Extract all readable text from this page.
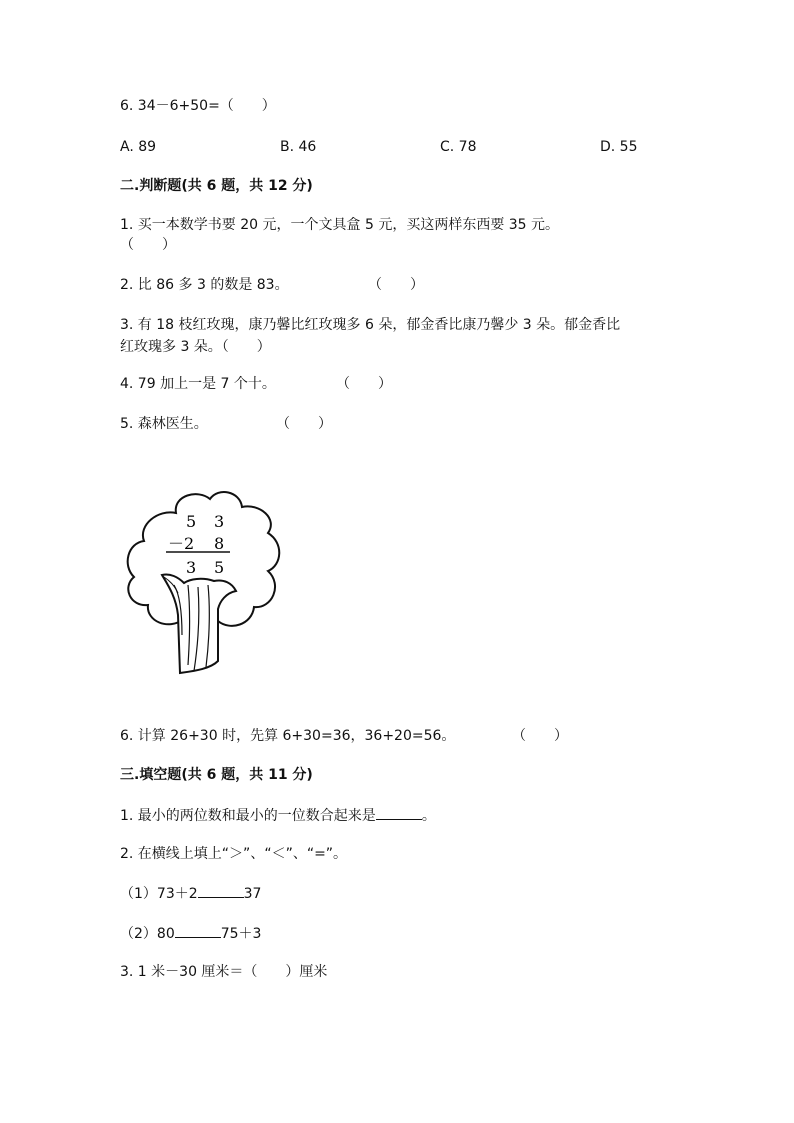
6. 34－6+50=（　　）
A. 89	B. 46	C. 78	D. 55
二.判断题(共 6 题，共 12 分)
1. 买一本数学书要 20 元，一个文具盒 5 元，买这两样东西要 35 元。
（　　）
2. 比 86 多 3 的数是 83。	（　　）
3. 有 18 枝红玫瑰，康乃馨比红玫瑰多 6 朵，郁金香比康乃馨少 3 朵。郁金香比
红玫瑰多 3 朵。（　　）
4. 79 加上一是 7 个十。	（　　）
5. 森林医生。	（　　）
5 3
－2 8
3 5
6. 计算 26+30 时，先算 6+30=36，36+20=56。	（　　）
三.填空题(共 6 题，共 11 分)
1. 最小的两位数和最小的一位数合起来是	。
2. 在横线上填上“＞”、“＜”、“=”。
（1）73＋2	37
（2）80	75＋3
3. 1 米－30 厘米＝（　　）厘米
